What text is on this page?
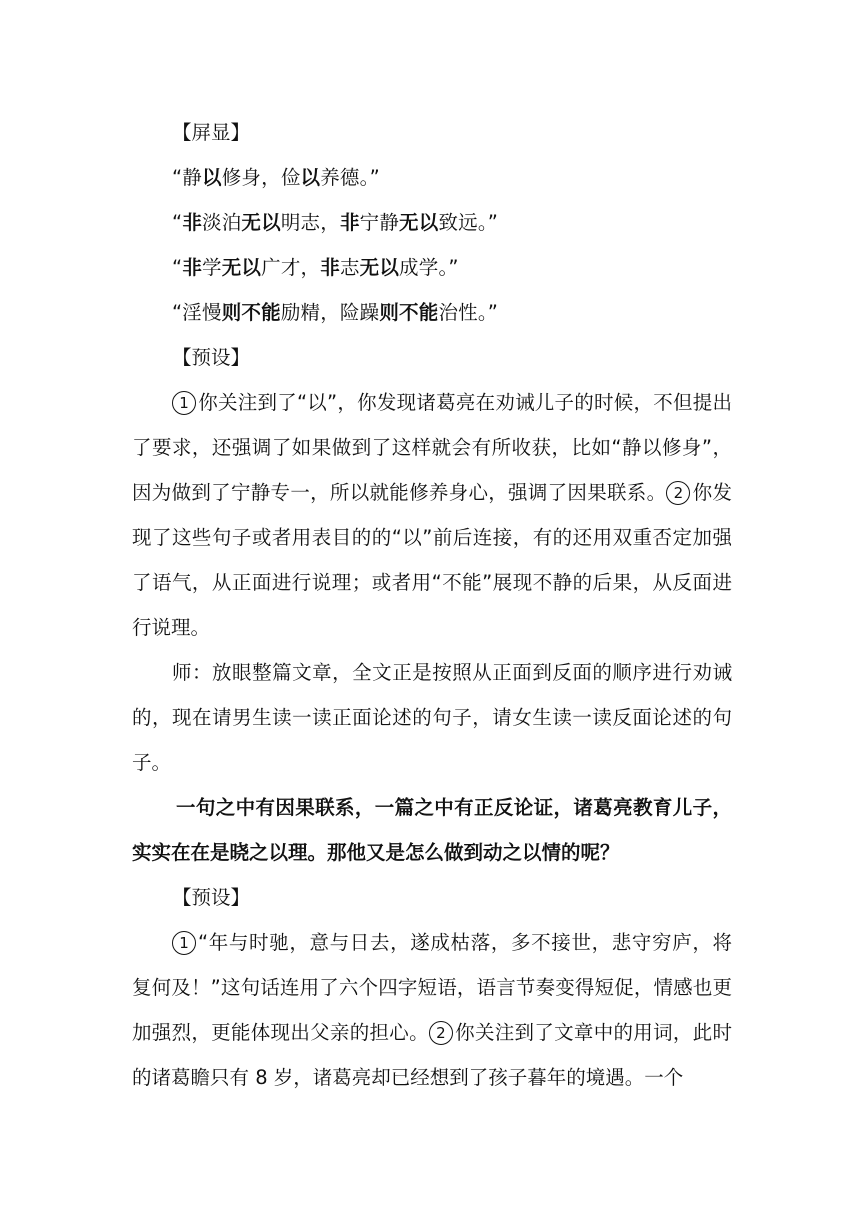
【屏显】

“静以修身，俭以养德。”

“非淡泊无以明志，非宁静无以致远。”

“非学无以广才，非志无以成学。”

“淫慢则不能励精，险躁则不能治性。”

【预设】

1 你关注到了“以”，你发现诸葛亮在劝诫儿子的时候，不但提出了要求，还强调了如果做到了这样就会有所收获，比如“静以修身”，因为做到了宁静专一，所以就能修养身心，强调了因果联系。 2 你发现了这些句子或者用表目的的“以”前后连接，有的还用双重否定加强了语气，从正面进行说理；或者用“不能”展现不静的后果，从反面进行说理。

师：放眼整篇文章，全文正是按照从正面到反面的顺序进行劝诫的，现在请男生读一读正面论述的句子，请女生读一读反面论述的句子。

一句之中有因果联系，一篇之中有正反论证，诸葛亮教育儿子，实实在在是晓之以理。那他又是怎么做到动之以情的呢？

【预设】

1 “年与时驰，意与日去，遂成枯落，多不接世，悲守穷庐，将复何及！”这句话连用了六个四字短语，语言节奏变得短促，情感也更加强烈，更能体现出父亲的担心。 2 你关注到了文章中的用词，此时的诸葛瞻只有 8 岁，诸葛亮却已经想到了孩子暮年的境遇。一个
